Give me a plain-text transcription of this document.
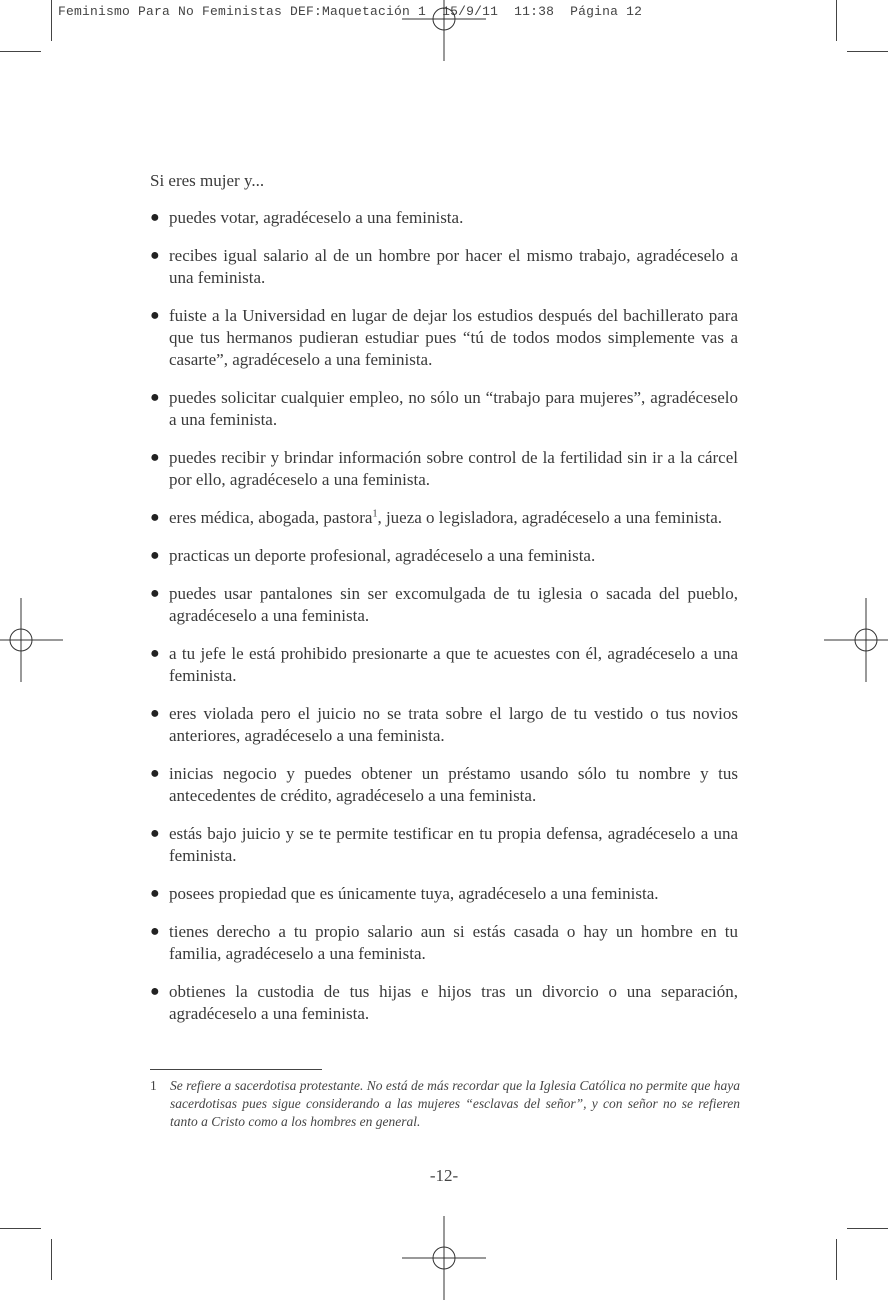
Feminismo Para No Feministas DEF:Maquetación 1 15/9/11 11:38 Página 12

Si eres mujer y...

● puedes votar, agradéceselo a una feminista.
● recibes igual salario al de un hombre por hacer el mismo trabajo, agradéceselo a una feminista.
● fuiste a la Universidad en lugar de dejar los estudios después del bachillerato para que tus hermanos pudieran estudiar pues “tú de todos modos simplemente vas a casarte”, agradéceselo a una feminista.
● puedes solicitar cualquier empleo, no sólo un “trabajo para mujeres”, agradéceselo a una feminista.
● puedes recibir y brindar información sobre control de la fertilidad sin ir a la cárcel por ello, agradéceselo a una feminista.
● eres médica, abogada, pastora$^1$, jueza o legisladora, agradéceselo a una feminista.
● practicas un deporte profesional, agradéceselo a una feminista.
● puedes usar pantalones sin ser excomulgada de tu iglesia o sacada del pueblo, agradéceselo a una feminista.
● a tu jefe le está prohibido presionarte a que te acuestes con él, agradéceselo a una feminista.
● eres violada pero el juicio no se trata sobre el largo de tu vestido o tus novios anteriores, agradéceselo a una feminista.
● inicias negocio y puedes obtener un préstamo usando sólo tu nombre y tus antecedentes de crédito, agradéceselo a una feminista.
● estás bajo juicio y se te permite testificar en tu propia defensa, agradéceselo a una feminista.
● posees propiedad que es únicamente tuya, agradéceselo a una feminista.
● tienes derecho a tu propio salario aun si estás casada o hay un hombre en tu familia, agradéceselo a una feminista.
● obtienes la custodia de tus hijas e hijos tras un divorcio o una separación, agradéceselo a una feminista.
1 Se refiere a sacerdotisa protestante. No está de más recordar que la Iglesia Católica no permite que haya sacerdotisas pues sigue considerando a las mujeres “esclavas del señor”, y con señor no se refieren tanto a Cristo como a los hombres en general.
-12-
